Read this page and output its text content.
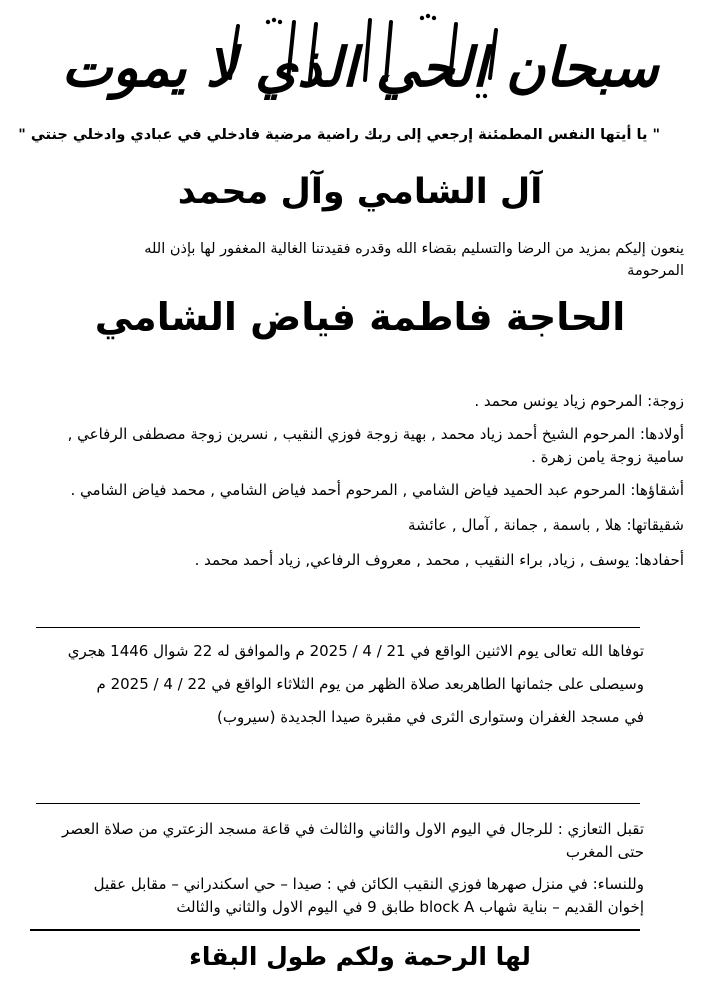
سبحان الحي الذي لا يموت
" يا أيتها النفس المطمئنة إرجعي إلى ربك راضية مرضية فادخلي في عبادي وادخلي جنتي "
آل الشامي وآل محمد
ينعون إليكم بمزيد من الرضا والتسليم بقضاء الله وقدره فقيدتنا الغالية المغفور لها بإذن الله المرحومة
الحاجة فاطمة فياض الشامي

زوجة: المرحوم زياد يونس محمد .

أولادها: المرحوم الشيخ أحمد زياد محمد , بهية زوجة فوزي النقيب , نسرين زوجة مصطفى الرفاعي , سامية زوجة يامن زهرة .

أشقاؤها: المرحوم عبد الحميد فياض الشامي , المرحوم أحمد فياض الشامي , محمد فياض الشامي .

شقيقاتها: هلا , باسمة , جمانة , آمال , عائشة

أحفادها: يوسف , زياد, براء النقيب , محمد , معروف الرفاعي, زياد أحمد محمد .

توفاها الله تعالى يوم الاثنين الواقع في 21 / 4 / 2025 م والموافق له 22 شوال 1446 هجري

وسيصلى على جثمانها الطاهربعد صلاة الظهر من يوم الثلاثاء الواقع في 22 / 4 / 2025 م

في مسجد الغفران وستوارى الثرى في مقبرة صيدا الجديدة (سيروب)

تقبل التعازي : للرجال في اليوم الاول والثاني والثالث في قاعة مسجد الزعتري من صلاة العصر حتى المغرب

وللنساء: في منزل صهرها فوزي النقيب الكائن في : صيدا – حي اسكندراني – مقابل عقيل إخوان القديم – بناية شهاب block A طابق 9 في اليوم الاول والثاني والثالث

لها الرحمة ولكم طول البقاء
